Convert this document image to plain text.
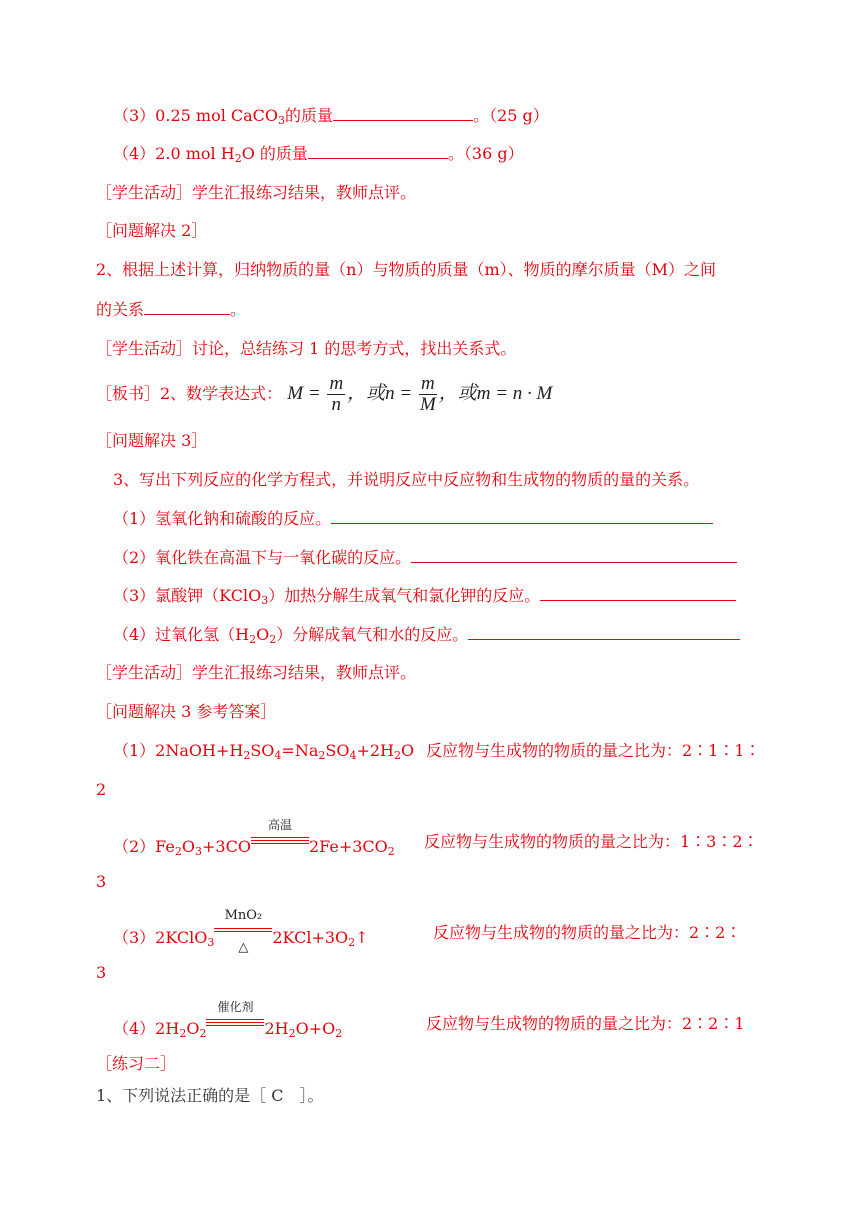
（3）0.25 mol CaCO$_3$的质量	。（25 g）
（4）2.0 mol $H_2O$ 的质量	。（36 g）
［学生活动］学生汇报练习结果，教师点评。
［问题解决 2］
2、根据上述计算，归纳物质的量（n）与物质的质量（m）、物质的摩尔质量（M）之间
的关系	。
［学生活动］讨论，总结练习 1 的思考方式，找出关系式。
［板书］2、数学表达式： $M = \frac{m}{n}$ ，或$n = \frac{m}{M}$ ，或m = n · M
［问题解决 3］
3、写出下列反应的化学方程式，并说明反应中反应物和生成物的物质的量的关系。
（1）氢氧化钠和硫酸的反应。
（2）氧化铁在高温下与一氧化碳的反应。
（3）氯酸钾（KClO$_3$）加热分解生成氧气和氯化钾的反应。
（4）过氧化氢$(H_2O_2)$分解成氧气和水的反应。
［学生活动］学生汇报练习结果，教师点评。
［问题解决 3 参考答案］
$(1)2NaOH+H_2SO_4=Na_2SO_4+2H_2O$ 反应物与生成物的物质的量之比为：2∶1∶1∶
2
$(2)Fe_2O_3+3CO$
高温
$2Fe+3CO_2$
反应物与生成物的物质的量之比为：1∶3∶2∶
3
（3）2KClO$_3$
MnO₂
△
$2KCl+3O_2↑$	反应物与生成物的物质的量之比为：2∶2∶
3
$(4)2H_2O_2$
催化剂
$2H_2O+O_2$
反应物与生成物的物质的量之比为：2∶2∶1
［练习二］
1、下列说法正确的是［ C　］。
